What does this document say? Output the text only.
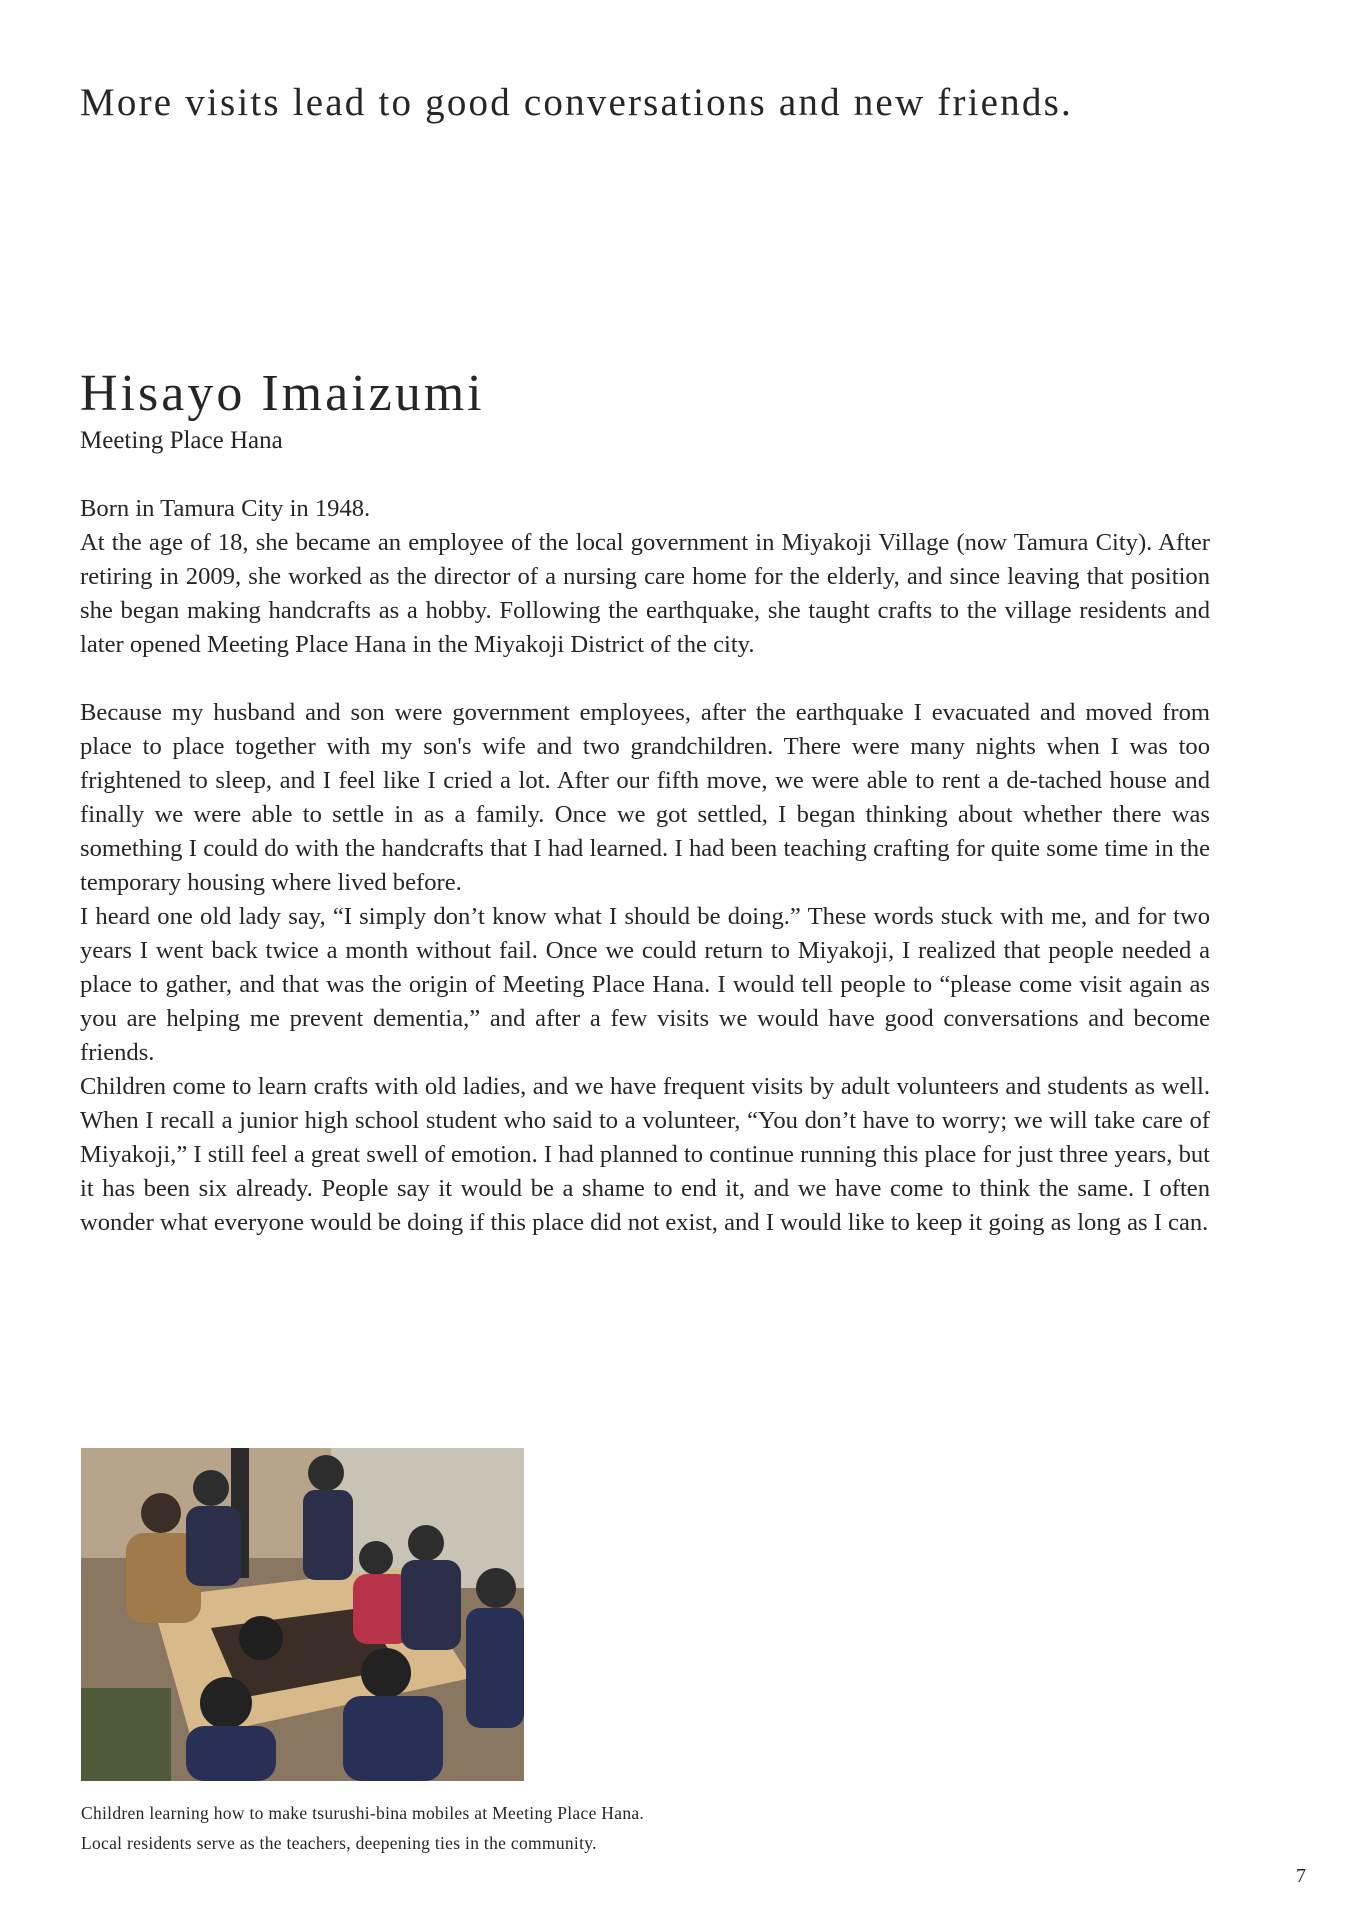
More visits lead to good conversations and new friends.
Hisayo Imaizumi
Meeting Place Hana

Born in Tamura City in 1948.

At the age of 18, she became an employee of the local government in Miyakoji Village (now Tamura City). After retiring in 2009, she worked as the director of a nursing care home for the elderly, and since leaving that position she began making handcrafts as a hobby. Following the earthquake, she taught crafts to the village residents and later opened Meeting Place Hana in the Miyakoji District of the city.

Because my husband and son were government employees, after the earthquake I evacuated and moved from place to place together with my son's wife and two grandchildren. There were many nights when I was too frightened to sleep, and I feel like I cried a lot. After our fifth move, we were able to rent a de-tached house and finally we were able to settle in as a family. Once we got settled, I began thinking about whether there was something I could do with the handcrafts that I had learned. I had been teaching crafting for quite some time in the temporary housing where lived before.

I heard one old lady say, “I simply don’t know what I should be doing.” These words stuck with me, and for two years I went back twice a month without fail. Once we could return to Miyakoji, I realized that people needed a place to gather, and that was the origin of Meeting Place Hana. I would tell people to “please come visit again as you are helping me prevent dementia,” and after a few visits we would have good conversations and become friends.

Children come to learn crafts with old ladies, and we have frequent visits by adult volunteers and students as well. When I recall a junior high school student who said to a volunteer, “You don’t have to worry; we will take care of Miyakoji,” I still feel a great swell of emotion. I had planned to continue running this place for just three years, but it has been six already. People say it would be a shame to end it, and we have come to think the same. I often wonder what everyone would be doing if this place did not exist, and I would like to keep it going as long as I can.

Children learning how to make tsurushi-bina mobiles at Meeting Place Hana.
Local residents serve as the teachers, deepening ties in the community.
7
